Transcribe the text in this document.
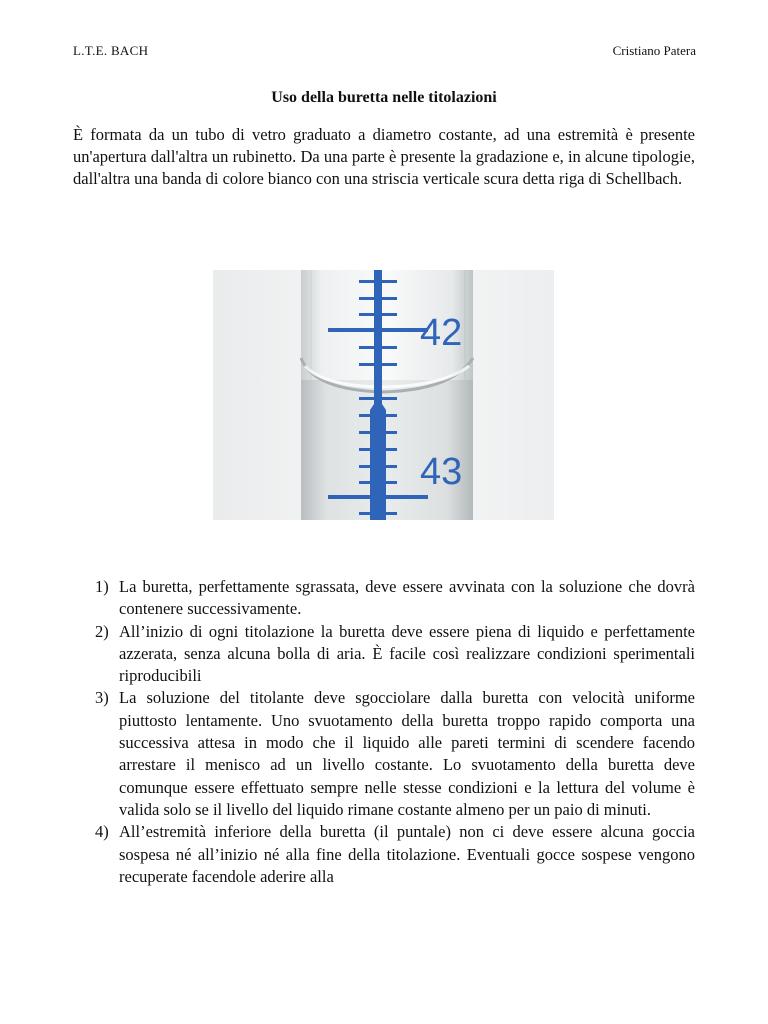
L.T.E. BACH	Cristiano Patera
Uso della buretta nelle titolazioni

È formata da un tubo di vetro graduato a diametro costante, ad una estremità è presente un'apertura dall'altra un rubinetto. Da una parte è presente la gradazione e, in alcune tipologie, dall'altra una banda di colore bianco con una striscia verticale scura detta riga di Schellbach.

42
43
1) La buretta, perfettamente sgrassata, deve essere avvinata con la soluzione che dovrà contenere successivamente.
2) All’inizio di ogni titolazione la buretta deve essere piena di liquido e perfettamente azzerata, senza alcuna bolla di aria. È facile così realizzare condizioni sperimentali riproducibili
3) La soluzione del titolante deve sgocciolare dalla buretta con velocità uniforme piuttosto lentamente. Uno svuotamento della buretta troppo rapido comporta una successiva attesa in modo che il liquido alle pareti termini di scendere facendo arrestare il menisco ad un livello costante. Lo svuotamento della buretta deve comunque essere effettuato sempre nelle stesse condizioni e la lettura del volume è valida solo se il livello del liquido rimane costante almeno per un paio di minuti.
4) All’estremità inferiore della buretta (il puntale) non ci deve essere alcuna goccia sospesa né all’inizio né alla fine della titolazione. Eventuali gocce sospese vengono recuperate facendole aderire alla
